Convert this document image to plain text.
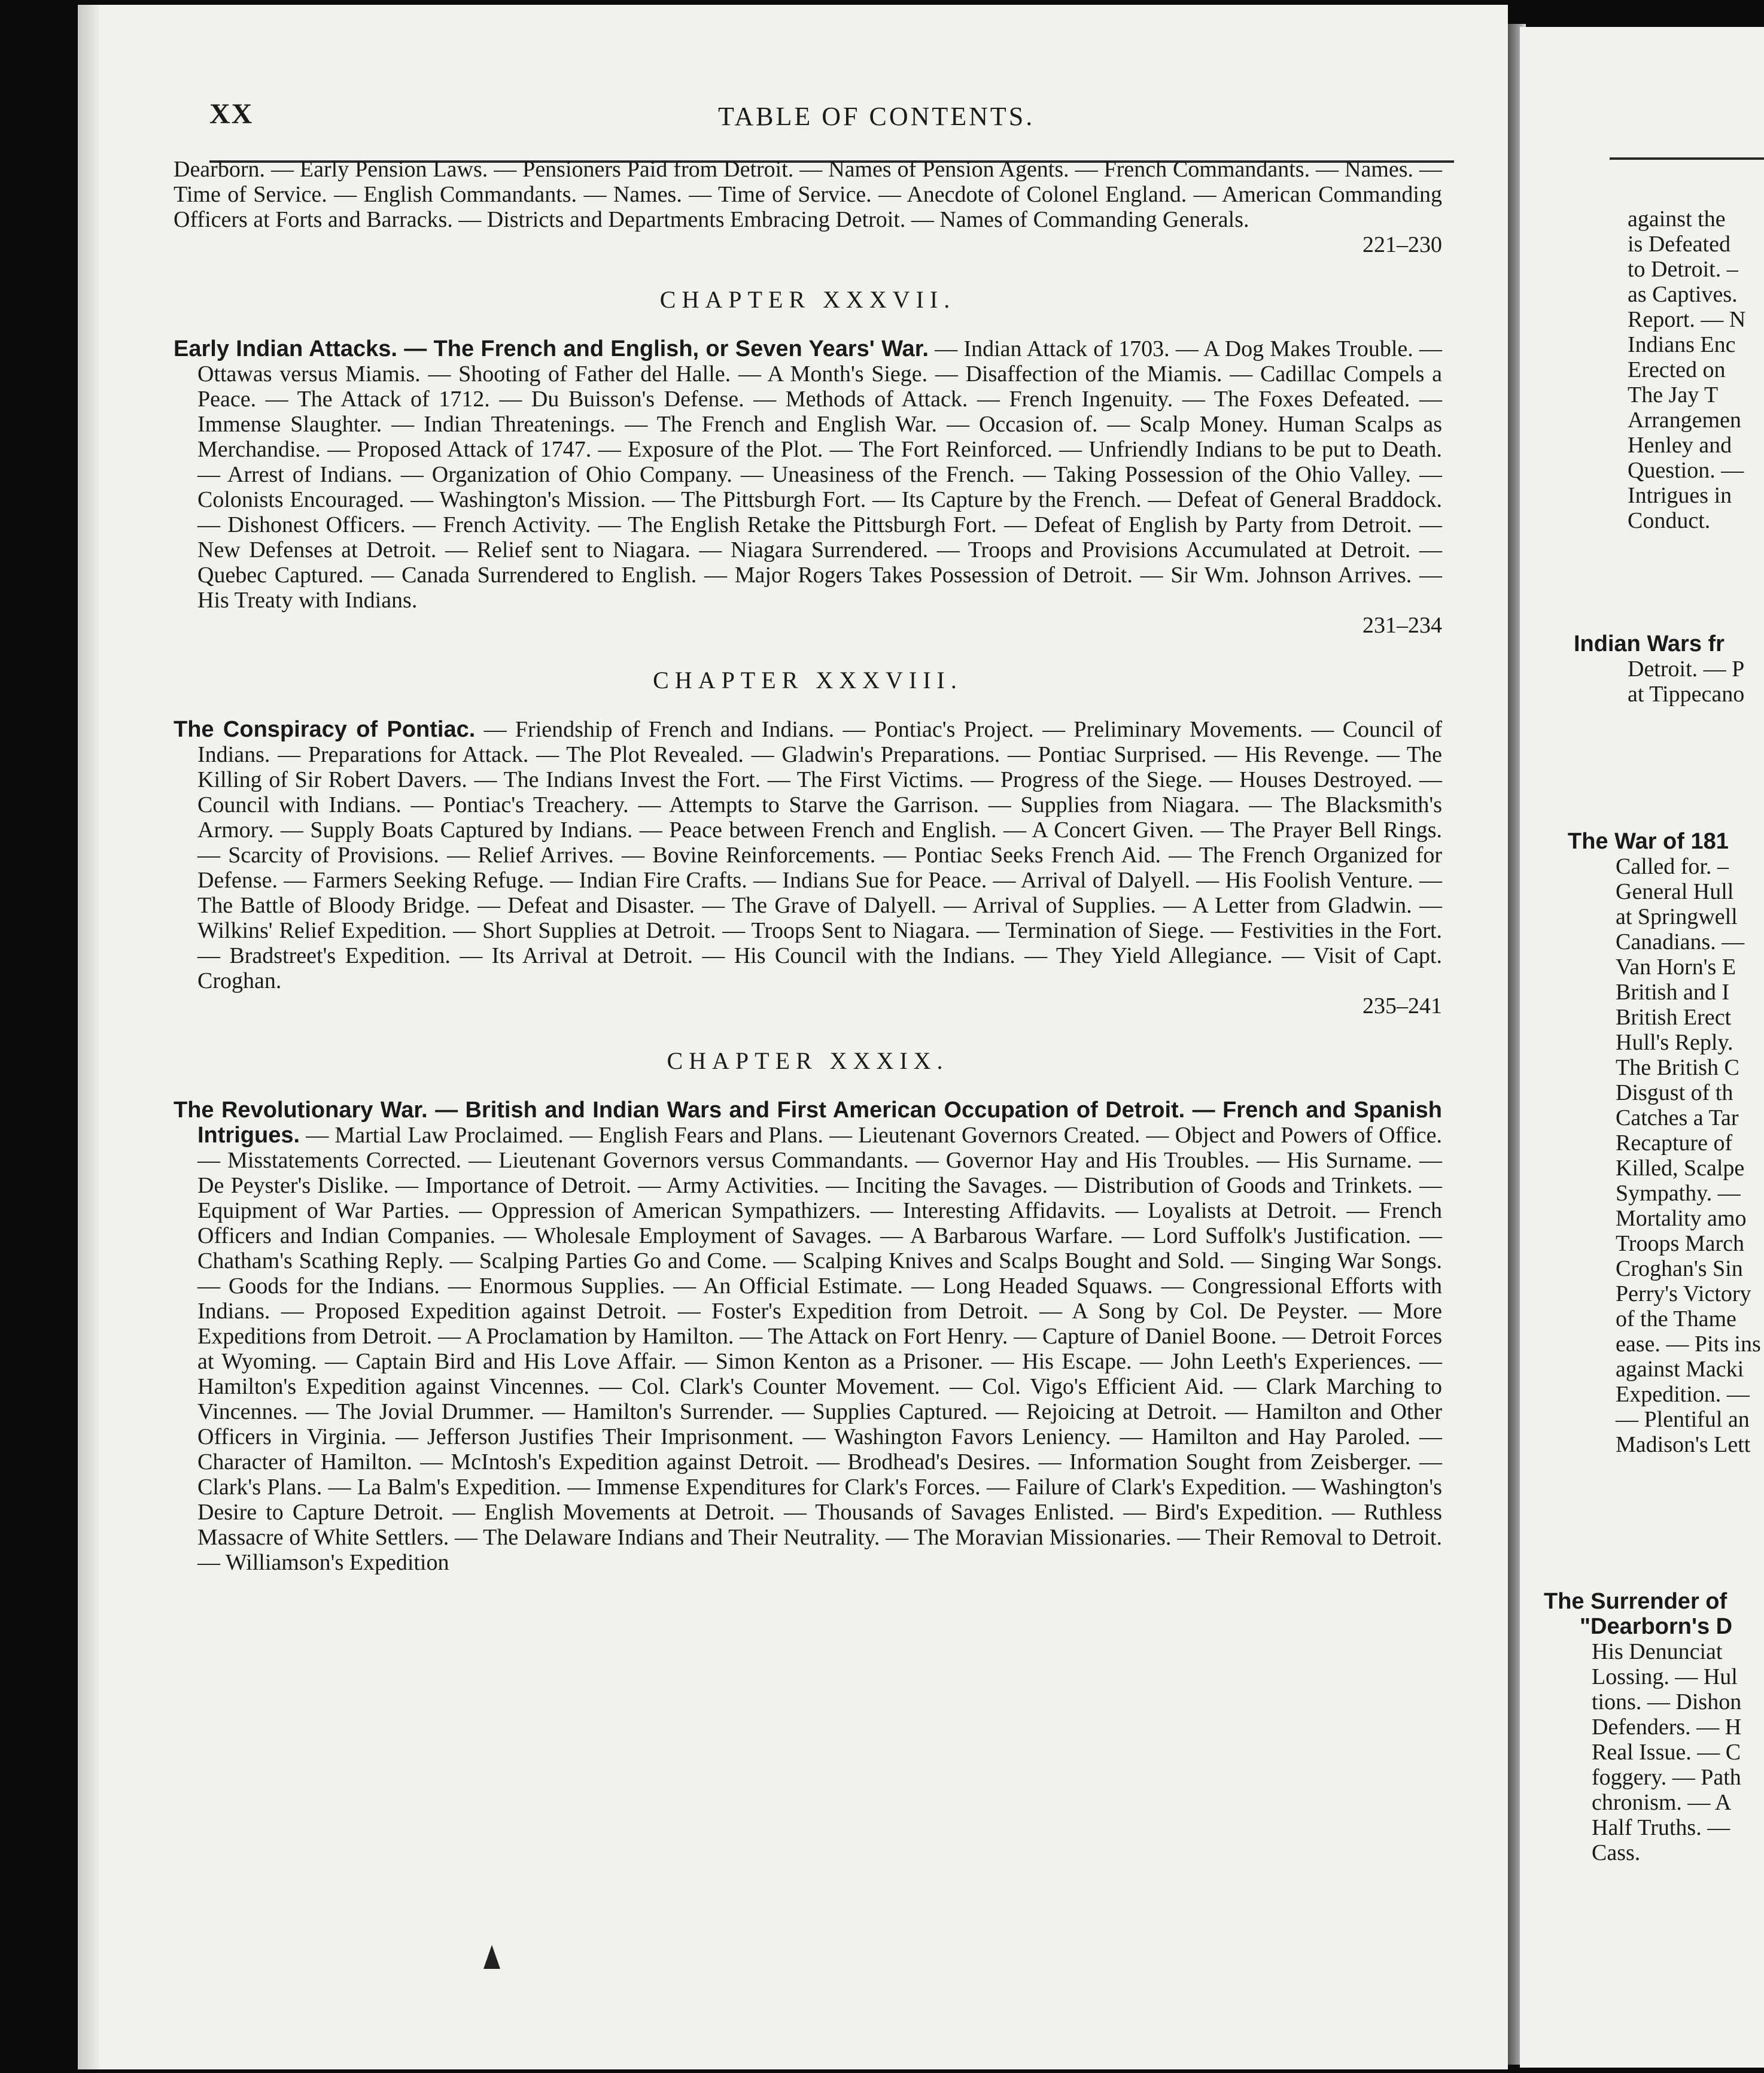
against the
is Defeated
to Detroit. –
as Captives.
Report. — N
Indians Enc
Erected on
The Jay T
Arrangemen
Henley and
Question. —
Intrigues in
Conduct.
Indian Wars fr
Detroit. — P
at Tippecano
The War of 181
Called for. –
General Hull
at Springwell
Canadians. —
Van Horn's E
British and I
British Erect
Hull's Reply.
The British C
Disgust of th
Catches a Tar
Recapture of
Killed, Scalpe
Sympathy. —
Mortality amo
Troops March
Croghan's Sin
Perry's Victory
of the Thame
ease. — Pits ins
against Macki
Expedition. —
— Plentiful an
Madison's Lett
The Surrender of
"Dearborn's D
His Denunciat
Lossing. — Hul
tions. — Dishon
Defenders. — H
Real Issue. — C
foggery. — Path
chronism. — A
Half Truths. —
Cass.
XX	TABLE OF CONTENTS.

Dearborn. — Early Pension Laws. — Pensioners Paid from Detroit. — Names of Pension Agents. — French Commandants. — Names. — Time of Service. — English Commandants. — Names. — Time of Service. — Anecdote of Colonel England. — American Commanding Officers at Forts and Barracks. — Districts and Departments Embracing Detroit. — Names of Commanding Generals.

221–230

CHAPTER XXXVII.

Early Indian Attacks. — The French and English, or Seven Years' War. — Indian Attack of 1703. — A Dog Makes Trouble. — Ottawas versus Miamis. — Shooting of Father del Halle. — A Month's Siege. — Disaffection of the Miamis. — Cadillac Compels a Peace. — The Attack of 1712. — Du Buisson's Defense. — Methods of Attack. — French Ingenuity. — The Foxes Defeated. — Immense Slaughter. — Indian Threatenings. — The French and English War. — Occasion of. — Scalp Money. Human Scalps as Merchandise. — Proposed Attack of 1747. — Exposure of the Plot. — The Fort Reinforced. — Unfriendly Indians to be put to Death. — Arrest of Indians. — Organization of Ohio Company. — Uneasiness of the French. — Taking Possession of the Ohio Valley. — Colonists Encouraged. — Washington's Mission. — The Pittsburgh Fort. — Its Capture by the French. — Defeat of General Braddock. — Dishonest Officers. — French Activity. — The English Retake the Pittsburgh Fort. — Defeat of English by Party from Detroit. — New Defenses at Detroit. — Relief sent to Niagara. — Niagara Surrendered. — Troops and Provisions Accumulated at Detroit. — Quebec Captured. — Canada Surrendered to English. — Major Rogers Takes Possession of Detroit. — Sir Wm. Johnson Arrives. — His Treaty with Indians.

231–234

CHAPTER XXXVIII.

The Conspiracy of Pontiac. — Friendship of French and Indians. — Pontiac's Project. — Preliminary Movements. — Council of Indians. — Preparations for Attack. — The Plot Revealed. — Gladwin's Preparations. — Pontiac Surprised. — His Revenge. — The Killing of Sir Robert Davers. — The Indians Invest the Fort. — The First Victims. — Progress of the Siege. — Houses Destroyed. — Council with Indians. — Pontiac's Treachery. — Attempts to Starve the Garrison. — Supplies from Niagara. — The Blacksmith's Armory. — Supply Boats Captured by Indians. — Peace between French and English. — A Concert Given. — The Prayer Bell Rings. — Scarcity of Provisions. — Relief Arrives. — Bovine Reinforcements. — Pontiac Seeks French Aid. — The French Organized for Defense. — Farmers Seeking Refuge. — Indian Fire Crafts. — Indians Sue for Peace. — Arrival of Dalyell. — His Foolish Venture. — The Battle of Bloody Bridge. — Defeat and Disaster. — The Grave of Dalyell. — Arrival of Supplies. — A Letter from Gladwin. — Wilkins' Relief Expedition. — Short Supplies at Detroit. — Troops Sent to Niagara. — Termination of Siege. — Festivities in the Fort. — Bradstreet's Expedition. — Its Arrival at Detroit. — His Council with the Indians. — They Yield Allegiance. — Visit of Capt. Croghan.

235–241

CHAPTER XXXIX.

The Revolutionary War. — British and Indian Wars and First American Occupation of Detroit. — French and Spanish Intrigues. — Martial Law Proclaimed. — English Fears and Plans. — Lieutenant Governors Created. — Object and Powers of Office. — Misstatements Corrected. — Lieutenant Governors versus Commandants. — Governor Hay and His Troubles. — His Surname. — De Peyster's Dislike. — Importance of Detroit. — Army Activities. — Inciting the Savages. — Distribution of Goods and Trinkets. — Equipment of War Parties. — Oppression of American Sympathizers. — Interesting Affidavits. — Loyalists at Detroit. — French Officers and Indian Companies. — Wholesale Employment of Savages. — A Barbarous Warfare. — Lord Suffolk's Justification. — Chatham's Scathing Reply. — Scalping Parties Go and Come. — Scalping Knives and Scalps Bought and Sold. — Singing War Songs. — Goods for the Indians. — Enormous Supplies. — An Official Estimate. — Long Headed Squaws. — Congressional Efforts with Indians. — Proposed Expedition against Detroit. — Foster's Expedition from Detroit. — A Song by Col. De Peyster. — More Expeditions from Detroit. — A Proclamation by Hamilton. — The Attack on Fort Henry. — Capture of Daniel Boone. — Detroit Forces at Wyoming. — Captain Bird and His Love Affair. — Simon Kenton as a Prisoner. — His Escape. — John Leeth's Experiences. — Hamilton's Expedition against Vincennes. — Col. Clark's Counter Movement. — Col. Vigo's Efficient Aid. — Clark Marching to Vincennes. — The Jovial Drummer. — Hamilton's Surrender. — Supplies Captured. — Rejoicing at Detroit. — Hamilton and Other Officers in Virginia. — Jefferson Justifies Their Imprisonment. — Washington Favors Leniency. — Hamilton and Hay Paroled. — Character of Hamilton. — McIntosh's Expedition against Detroit. — Brodhead's Desires. — Information Sought from Zeisberger. — Clark's Plans. — La Balm's Expedition. — Immense Expenditures for Clark's Forces. — Failure of Clark's Expedition. — Washington's Desire to Capture Detroit. — English Movements at Detroit. — Thousands of Savages Enlisted. — Bird's Expedition. — Ruthless Massacre of White Settlers. — The Delaware Indians and Their Neutrality. — The Moravian Missionaries. — Their Removal to Detroit. — Williamson's Expedition
